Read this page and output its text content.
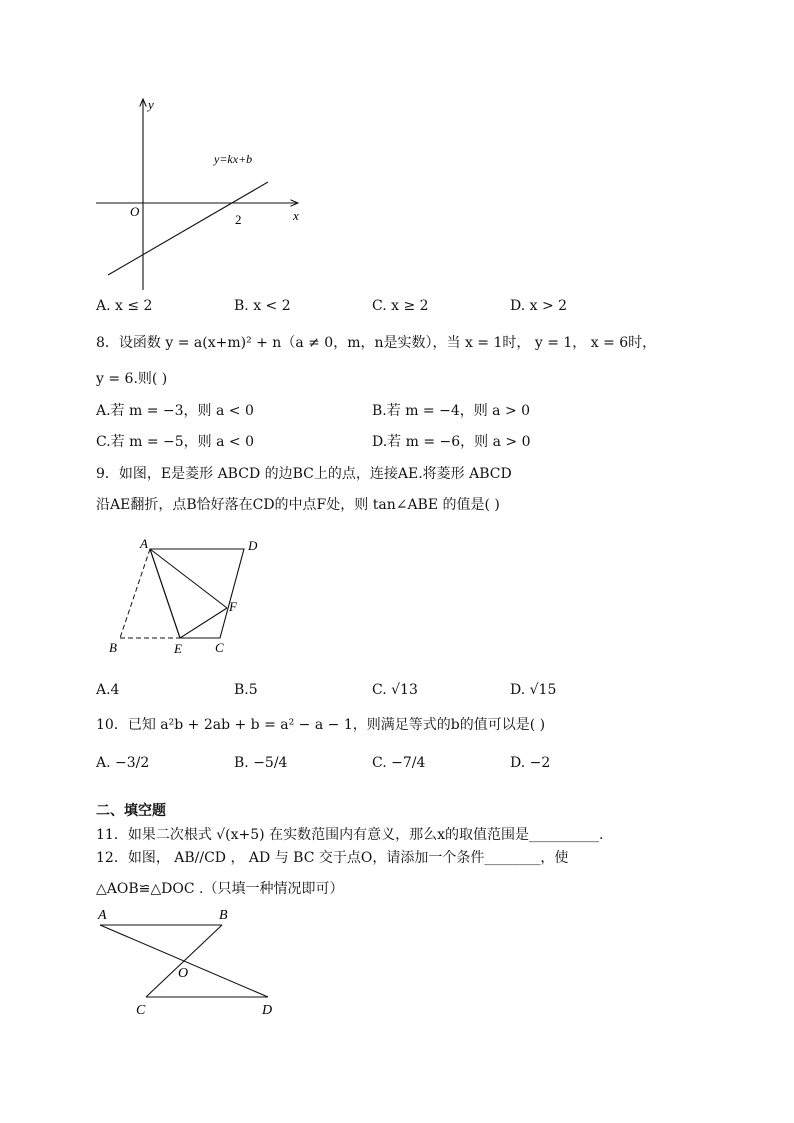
y
x
O
y=kx+b
2
A. x ≤ 2	B. x < 2	C. x ≥ 2	D. x > 2
8．设函数 y = a(x+m)² + n（a ≠ 0，m，n是实数），当 x = 1时， y = 1， x = 6时，
y = 6.则( )
A.若 m = −3，则 a < 0	B.若 m = −4，则 a > 0
C.若 m = −5，则 a < 0	D.若 m = −6，则 a > 0
9．如图，E是菱形 ABCD 的边BC上的点，连接AE.将菱形 ABCD
沿AE翻折，点B恰好落在CD的中点F处，则 tan∠ABE 的值是( )
A	D
F
B	E	C
A.4	B.5	C. √13	D. √15
10．已知 a²b + 2ab + b = a² − a − 1，则满足等式的b的值可以是( )
A. −3/2	B. −5/4	C. −7/4	D. −2
二、填空题
11．如果二次根式 √(x+5) 在实数范围内有意义，那么x的取值范围是__________.
12．如图， AB//CD ， AD 与 BC 交于点O，请添加一个条件________，使
△AOB≌△DOC .（只填一种情况即可）
A	B
O
C	D
